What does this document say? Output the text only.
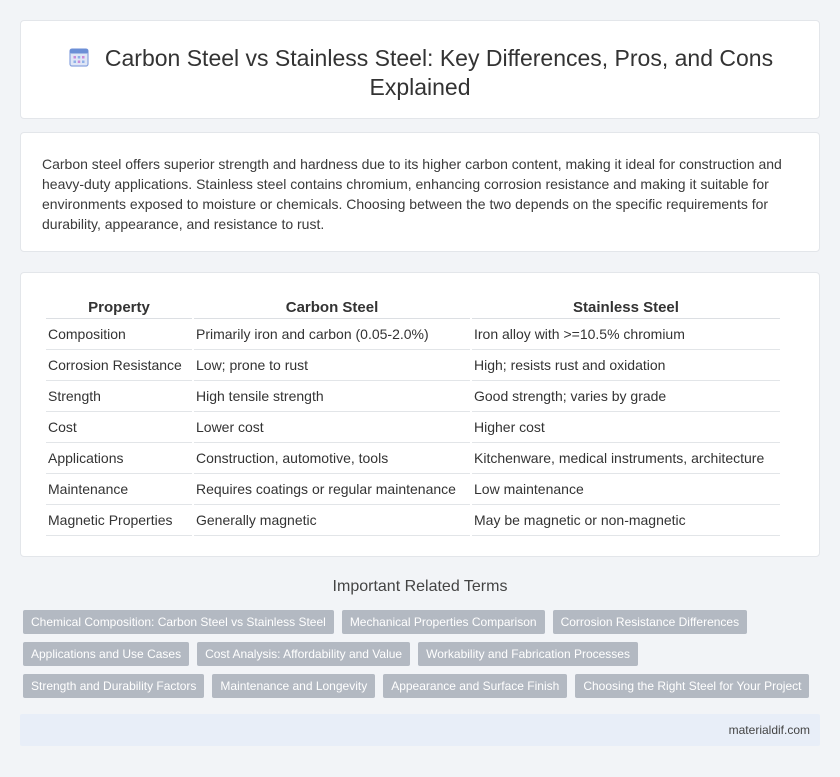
Carbon Steel vs Stainless Steel: Key Differences, Pros, and Cons Explained

Carbon steel offers superior strength and hardness due to its higher carbon content, making it ideal for construction and heavy-duty applications. Stainless steel contains chromium, enhancing corrosion resistance and making it suitable for environments exposed to moisture or chemicals. Choosing between the two depends on the specific requirements for durability, appearance, and resistance to rust.

Property	Carbon Steel	Stainless Steel
Composition	Primarily iron and carbon (0.05-2.0%)	Iron alloy with >=10.5% chromium
Corrosion Resistance	Low; prone to rust	High; resists rust and oxidation
Strength	High tensile strength	Good strength; varies by grade
Cost	Lower cost	Higher cost
Applications	Construction, automotive, tools	Kitchenware, medical instruments, architecture
Maintenance	Requires coatings or regular maintenance	Low maintenance
Magnetic Properties	Generally magnetic	May be magnetic or non-magnetic
Important Related Terms
Chemical Composition: Carbon Steel vs Stainless Steel	Mechanical Properties Comparison	Corrosion Resistance Differences
Applications and Use Cases	Cost Analysis: Affordability and Value	Workability and Fabrication Processes
Strength and Durability Factors	Maintenance and Longevity	Appearance and Surface Finish	Choosing the Right Steel for Your Project
materialdif.com
